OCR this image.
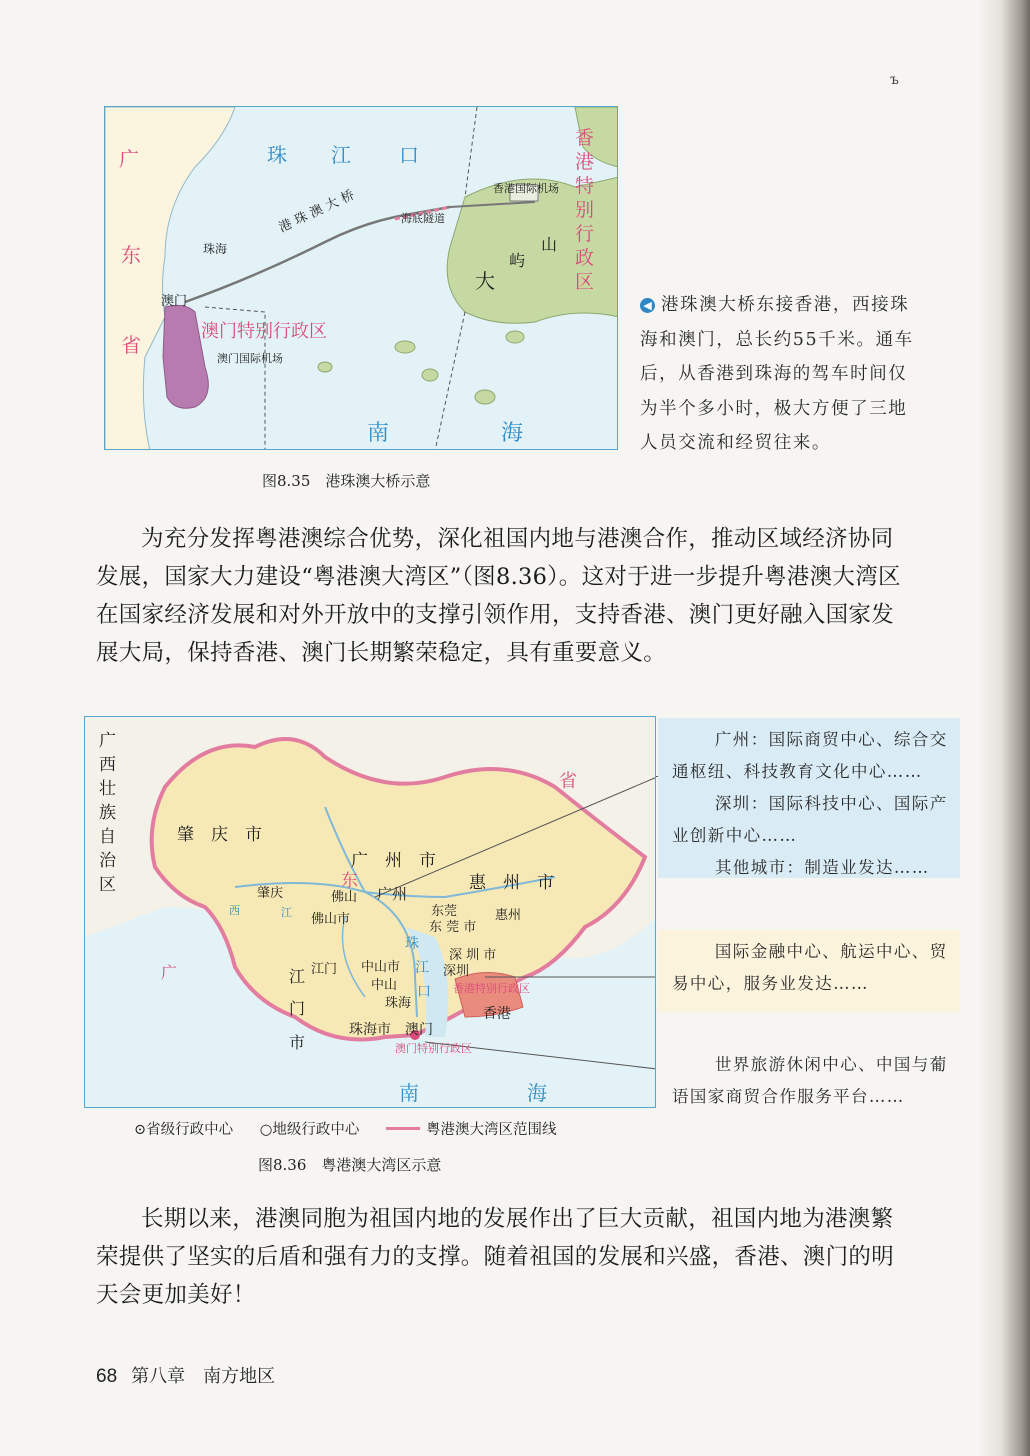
ъ
广
东
省
珠 江 口
香
港
特
别
行
政
区
珠海
港 珠 澳 大 桥	海底隧道
香港国际机场
大
屿
山
澳门
澳门特别行政区
澳门国际机场
南	海
图8.35　港珠澳大桥示意
◀ 港珠澳大桥东接香港，西接珠海和澳门，总长约55千米。通车后，从香港到珠海的驾车时间仅为半个多小时，极大方便了三地人员交流和经贸往来。

为充分发挥粤港澳综合优势，深化祖国内地与港澳合作，推动区域经济协同发展，国家大力建设“粤港澳大湾区”（图8.36）。这对于进一步提升粤港澳大湾区在国家经济发展和对外开放中的支撑引领作用，支持香港、澳门更好融入国家发展大局，保持香港、澳门长期繁荣稳定，具有重要意义。

广
西
壮
族
自
治
区
省
东
广
西
肇　庆　市
广　州　市
惠　州　市
肇庆	佛山 广州
佛山市
东莞
东 莞 市
惠州
江门
江
门
市
中山市
中山
珠海
深 圳 市
深圳
珠海市 澳门
香港
香港特别行政区
澳门特别行政区
珠
江
口
江
南	海
广州：国际商贸中心、综合交通枢纽、科技教育文化中心……
深圳：国际科技中心、国际产业创新中心……
其他城市：制造业发达……
国际金融中心、航运中心、贸易中心，服务业发达……
世界旅游休闲中心、中国与葡语国家商贸合作服务平台……
⊙省级行政中心 ○地级行政中心	粤港澳大湾区范围线
图8.36　粤港澳大湾区示意

长期以来，港澳同胞为祖国内地的发展作出了巨大贡献，祖国内地为港澳繁荣提供了坚实的后盾和强有力的支撑。随着祖国的发展和兴盛，香港、澳门的明天会更加美好！

68 第八章　南方地区
